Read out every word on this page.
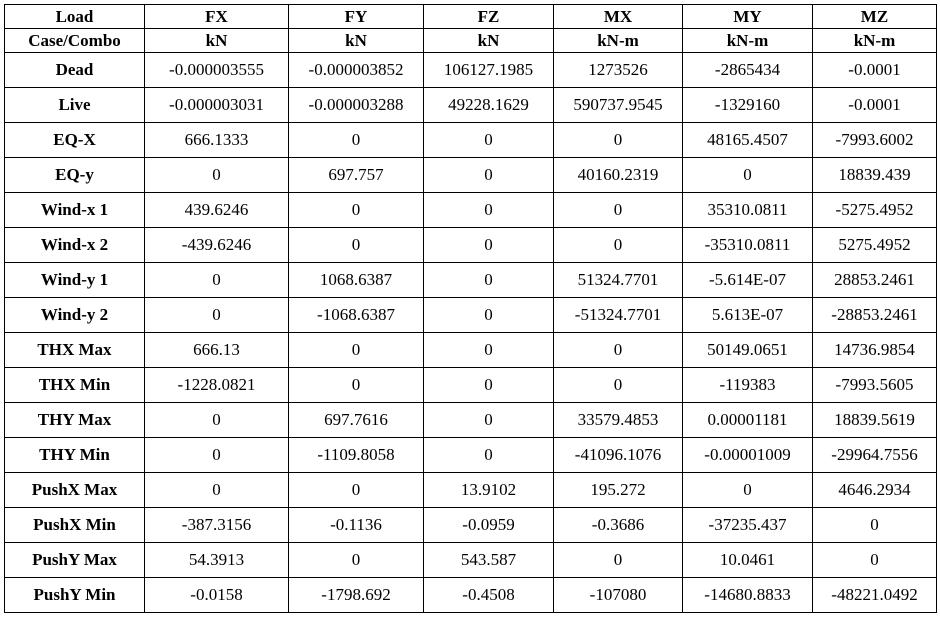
Load	FX	FY	FZ	MX	MY	MZ
Case/Combo	kN	kN	kN	kN-m	kN-m	kN-m
Dead	-0.000003555	-0.000003852	106127.1985	1273526	-2865434	-0.0001
Live	-0.000003031	-0.000003288	49228.1629	590737.9545	-1329160	-0.0001
EQ-X	666.1333	0	0	0	48165.4507	-7993.6002
EQ-y	0	697.757	0	40160.2319	0	18839.439
Wind-x 1	439.6246	0	0	0	35310.0811	-5275.4952
Wind-x 2	-439.6246	0	0	0	-35310.0811	5275.4952
Wind-y 1	0	1068.6387	0	51324.7701	-5.614E-07	28853.2461
Wind-y 2	0	-1068.6387	0	-51324.7701	5.613E-07	-28853.2461
THX Max	666.13	0	0	0	50149.0651	14736.9854
THX Min	-1228.0821	0	0	0	-119383	-7993.5605
THY Max	0	697.7616	0	33579.4853	0.00001181	18839.5619
THY Min	0	-1109.8058	0	-41096.1076	-0.00001009	-29964.7556
PushX Max	0	0	13.9102	195.272	0	4646.2934
PushX Min	-387.3156	-0.1136	-0.0959	-0.3686	-37235.437	0
PushY Max	54.3913	0	543.587	0	10.0461	0
PushY Min	-0.0158	-1798.692	-0.4508	-107080	-14680.8833	-48221.0492
